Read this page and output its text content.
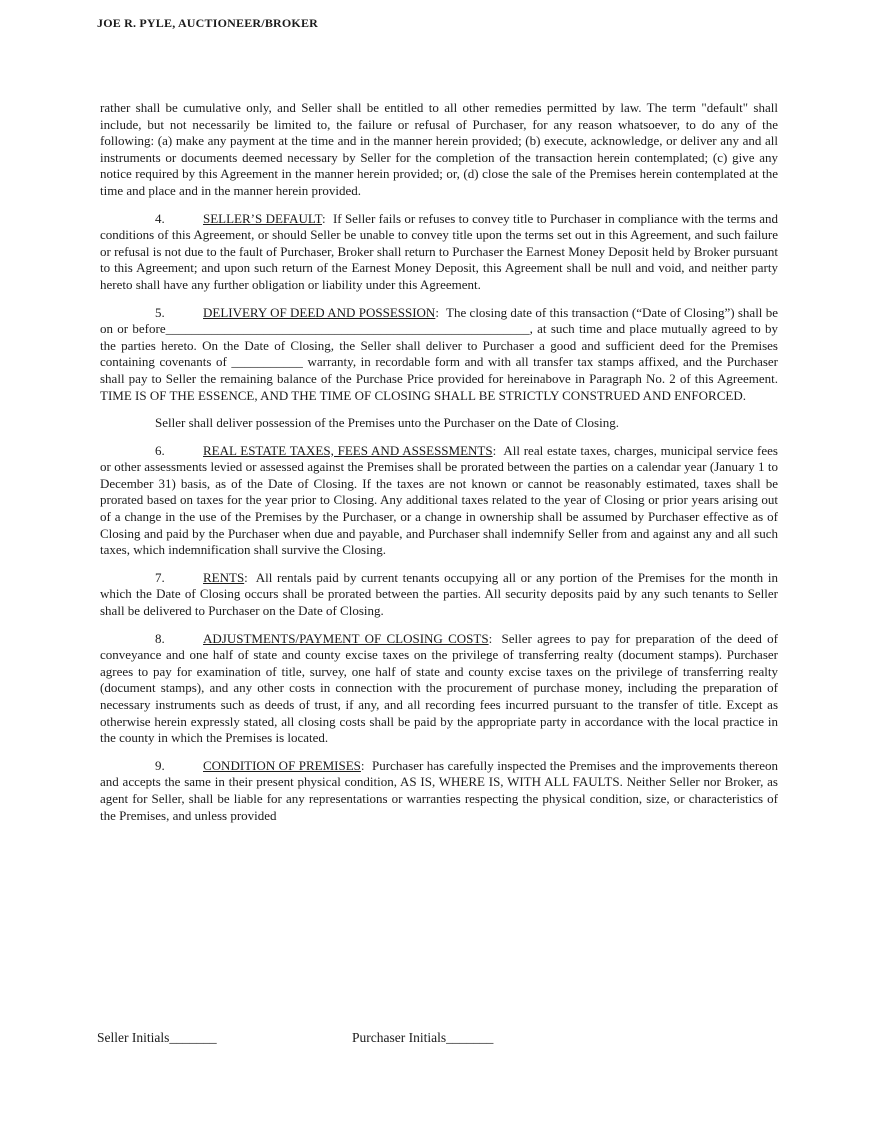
JOE R. PYLE, AUCTIONEER/BROKER

rather shall be cumulative only, and Seller shall be entitled to all other remedies permitted by law. The term "default" shall include, but not necessarily be limited to, the failure or refusal of Purchaser, for any reason whatsoever, to do any of the following: (a) make any payment at the time and in the manner herein provided; (b) execute, acknowledge, or deliver any and all instruments or documents deemed necessary by Seller for the completion of the transaction herein contemplated; (c) give any notice required by this Agreement in the manner herein provided; or, (d) close the sale of the Premises herein contemplated at the time and place and in the manner herein provided.

4.	SELLER’S DEFAULT: If Seller fails or refuses to convey title to Purchaser in compliance with the terms and conditions of this Agreement, or should Seller be unable to convey title upon the terms set out in this Agreement, and such failure or refusal is not due to the fault of Purchaser, Broker shall return to Purchaser the Earnest Money Deposit held by Broker pursuant to this Agreement; and upon such return of the Earnest Money Deposit, this Agreement shall be null and void, and neither party hereto shall have any further obligation or liability under this Agreement.

5.	DELIVERY OF DEED AND POSSESSION: The closing date of this transaction (“Date of Closing”) shall be on or before________________________________________________________, at such time and place mutually agreed to by the parties hereto. On the Date of Closing, the Seller shall deliver to Purchaser a good and sufficient deed for the Premises containing covenants of ___________ warranty, in recordable form and with all transfer tax stamps affixed, and the Purchaser shall pay to Seller the remaining balance of the Purchase Price provided for hereinabove in Paragraph No. 2 of this Agreement. TIME IS OF THE ESSENCE, AND THE TIME OF CLOSING SHALL BE STRICTLY CONSTRUED AND ENFORCED.

Seller shall deliver possession of the Premises unto the Purchaser on the Date of Closing.

6.	REAL ESTATE TAXES, FEES AND ASSESSMENTS: All real estate taxes, charges, municipal service fees or other assessments levied or assessed against the Premises shall be prorated between the parties on a calendar year (January 1 to December 31) basis, as of the Date of Closing. If the taxes are not known or cannot be reasonably estimated, taxes shall be prorated based on taxes for the year prior to Closing. Any additional taxes related to the year of Closing or prior years arising out of a change in the use of the Premises by the Purchaser, or a change in ownership shall be assumed by Purchaser effective as of Closing and paid by the Purchaser when due and payable, and Purchaser shall indemnify Seller from and against any and all such taxes, which indemnification shall survive the Closing.

7.	RENTS: All rentals paid by current tenants occupying all or any portion of the Premises for the month in which the Date of Closing occurs shall be prorated between the parties. All security deposits paid by any such tenants to Seller shall be delivered to Purchaser on the Date of Closing.

8.	ADJUSTMENTS/PAYMENT OF CLOSING COSTS: Seller agrees to pay for preparation of the deed of conveyance and one half of state and county excise taxes on the privilege of transferring realty (document stamps). Purchaser agrees to pay for examination of title, survey, one half of state and county excise taxes on the privilege of transferring realty (document stamps), and any other costs in connection with the procurement of purchase money, including the preparation of necessary instruments such as deeds of trust, if any, and all recording fees incurred pursuant to the transfer of title. Except as otherwise herein expressly stated, all closing costs shall be paid by the appropriate party in accordance with the local practice in the county in which the Premises is located.

9.	CONDITION OF PREMISES: Purchaser has carefully inspected the Premises and the improvements thereon and accepts the same in their present physical condition, AS IS, WHERE IS, WITH ALL FAULTS. Neither Seller nor Broker, as agent for Seller, shall be liable for any representations or warranties respecting the physical condition, size, or characteristics of the Premises, and unless provided

Seller Initials_______	Purchaser Initials_______
